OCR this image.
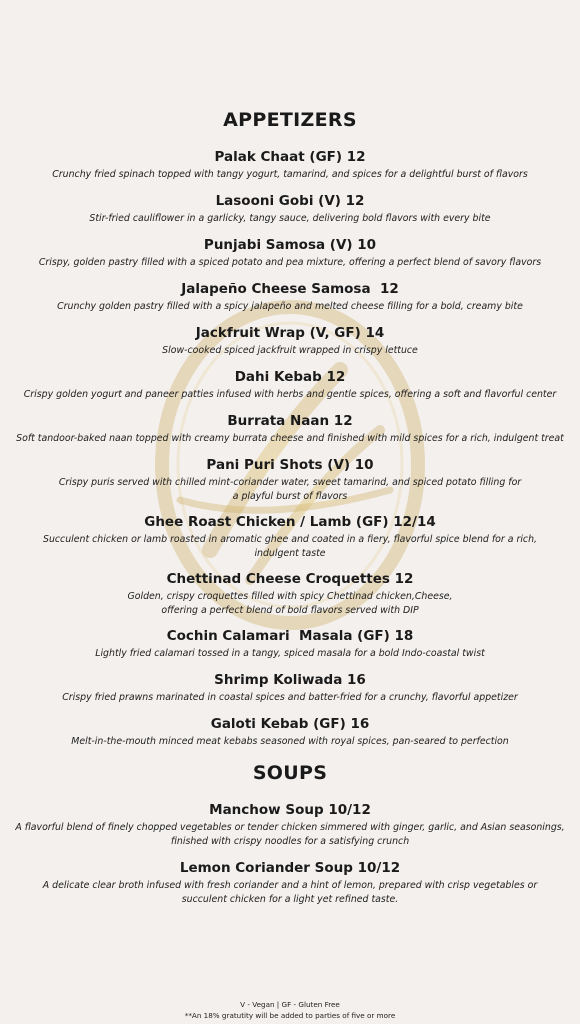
APPETIZERS

Palak Chaat (GF) 12

Crunchy fried spinach topped with tangy yogurt, tamarind, and spices for a delightful burst of flavors

Lasooni Gobi (V) 12

Stir-fried cauliflower in a garlicky, tangy sauce, delivering bold flavors with every bite

Punjabi Samosa (V) 10

Crispy, golden pastry filled with a spiced potato and pea mixture, offering a perfect blend of savory flavors

Jalapeño Cheese Samosa  12

Crunchy golden pastry filled with a spicy jalapeño and melted cheese filling for a bold, creamy bite

Jackfruit Wrap (V, GF) 14

Slow-cooked spiced jackfruit wrapped in crispy lettuce

Dahi Kebab 12

Crispy golden yogurt and paneer patties infused with herbs and gentle spices, offering a soft and flavorful center

Burrata Naan 12

Soft tandoor-baked naan topped with creamy burrata cheese and finished with mild spices for a rich, indulgent treat

Pani Puri Shots (V) 10

Crispy puris served with chilled mint-coriander water, sweet tamarind, and spiced potato filling for

a playful burst of flavors

Ghee Roast Chicken / Lamb (GF) 12/14

Succulent chicken or lamb roasted in aromatic ghee and coated in a fiery, flavorful spice blend for a rich,

indulgent taste

Chettinad Cheese Croquettes 12

Golden, crispy croquettes filled with spicy Chettinad chicken,Cheese,

offering a perfect blend of bold flavors served with DIP

Cochin Calamari  Masala (GF) 18

Lightly fried calamari tossed in a tangy, spiced masala for a bold Indo-coastal twist

Shrimp Koliwada 16

Crispy fried prawns marinated in coastal spices and batter-fried for a crunchy, flavorful appetizer

Galoti Kebab (GF) 16

Melt-in-the-mouth minced meat kebabs seasoned with royal spices, pan-seared to perfection

SOUPS

Manchow Soup 10/12

A flavorful blend of finely chopped vegetables or tender chicken simmered with ginger, garlic, and Asian seasonings,

finished with crispy noodles for a satisfying crunch

Lemon Coriander Soup 10/12

A delicate clear broth infused with fresh coriander and a hint of lemon, prepared with crisp vegetables or

succulent chicken for a light yet refined taste.

V - Vegan | GF - Gluten Free
**An 18% gratutity will be added to parties of five or more
